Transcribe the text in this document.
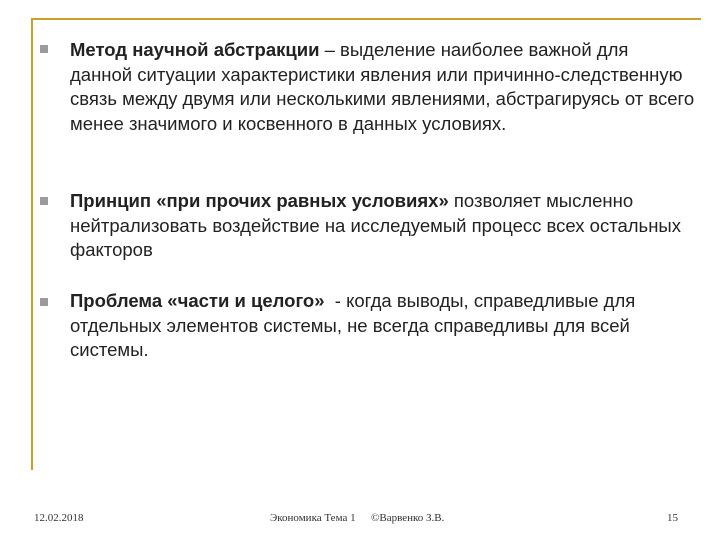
Метод научной абстракции – выделение наиболее важной для данной ситуации характеристики явления или причинно-следственную связь между двумя или несколькими явлениями, абстрагируясь от всего менее значимого и косвенного в данных условиях.
Принцип «при прочих равных условиях» позволяет мысленно нейтрализовать воздействие на исследуемый процесс всех остальных факторов
Проблема «части и целого»  - когда выводы, справедливые для отдельных элементов системы, не всегда справедливы для всей системы.
12.02.2018	Экономика Тема 1 ©Варвенко З.В.	15
